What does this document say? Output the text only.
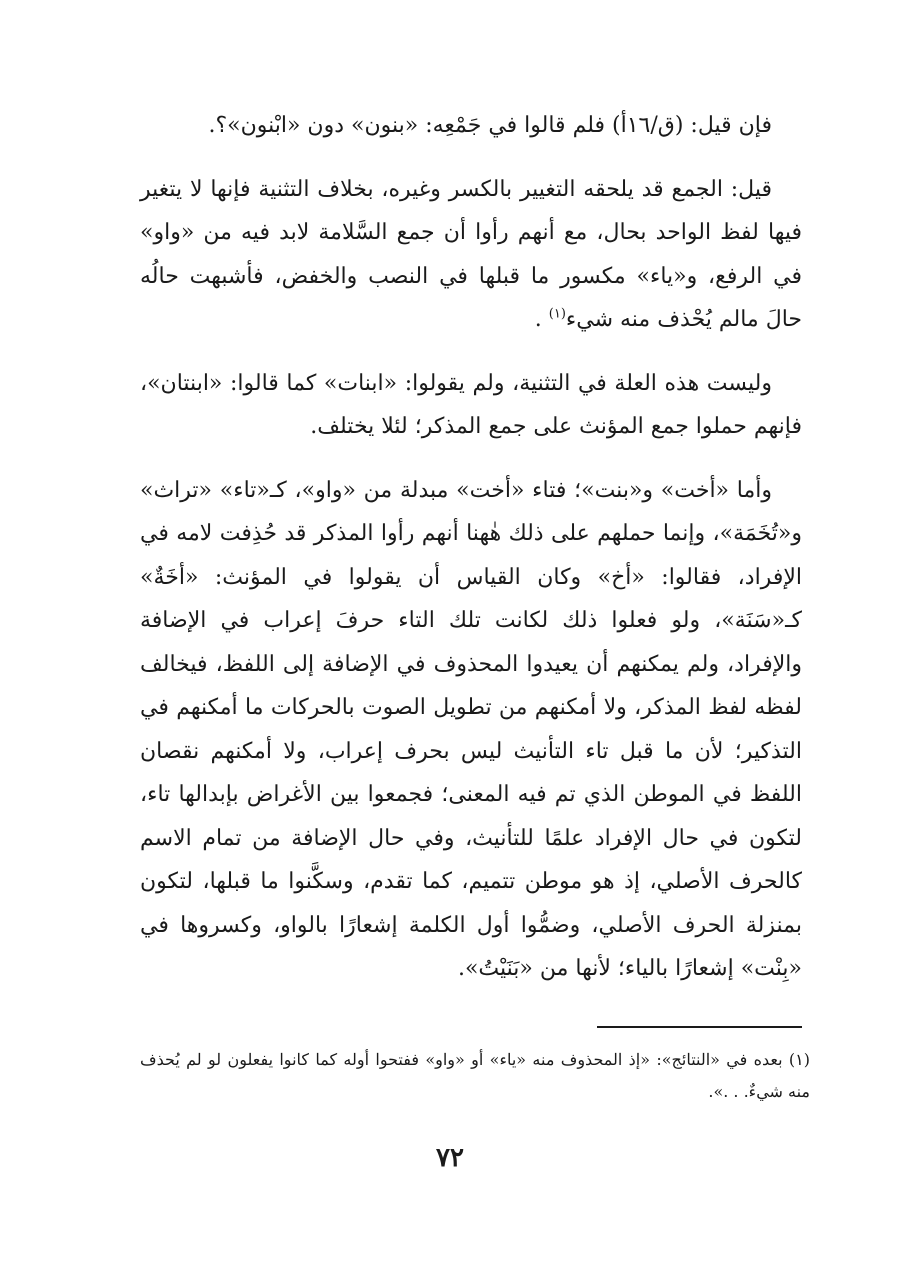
فإن قيل: (ق/١٦أ) فلم قالوا في جَمْعِه: «بنون» دون «ابْنون»؟.

قيل: الجمع قد يلحقه التغيير بالكسر وغيره، بخلاف التثنية فإنها لا يتغير فيها لفظ الواحد بحال، مع أنهم رأوا أن جمع السَّلامة لابد فيه من «واو» في الرفع، و«ياء» مكسور ما قبلها في النصب والخفض، فأشبهت حالُه حالَ مالم يُحْذف منه شيء$^{(١)}$ .

وليست هذه العلة في التثنية، ولم يقولوا: «ابنات» كما قالوا: «ابنتان»، فإنهم حملوا جمع المؤنث على جمع المذكر؛ لئلا يختلف.

وأما «أخت» و«بنت»؛ فتاء «أخت» مبدلة من «واو»، كـ«تاء» «تراث» و«تُخَمَة»، وإنما حملهم على ذلك هٰهنا أنهم رأوا المذكر قد حُذِفت لامه في الإفراد، فقالوا: «أخ» وكان القياس أن يقولوا في المؤنث: «أخَةٌ» كـ«سَنَة»، ولو فعلوا ذلك لكانت تلك التاء حرفَ إعراب في الإضافة والإفراد، ولم يمكنهم أن يعيدوا المحذوف في الإضافة إلى اللفظ، فيخالف لفظه لفظ المذكر، ولا أمكنهم من تطويل الصوت بالحركات ما أمكنهم في التذكير؛ لأن ما قبل تاء التأنيث ليس بحرف إعراب، ولا أمكنهم نقصان اللفظ في الموطن الذي تم فيه المعنى؛ فجمعوا بين الأغراض بإبدالها تاء، لتكون في حال الإفراد علمًا للتأنيث، وفي حال الإضافة من تمام الاسم كالحرف الأصلي، إذ هو موطن تتميم، كما تقدم، وسكَّنوا ما قبلها، لتكون بمنزلة الحرف الأصلي، وضمُّوا أول الكلمة إشعارًا بالواو، وكسروها في «بِنْت» إشعارًا بالياء؛ لأنها من «بَنَيْتُ».

(١) بعده في «النتائج»: «إذ المحذوف منه «ياء» أو «واو» ففتحوا أوله كما كانوا يفعلون لو لم يُحذف منه شيءٌ. . .».

٧٢
